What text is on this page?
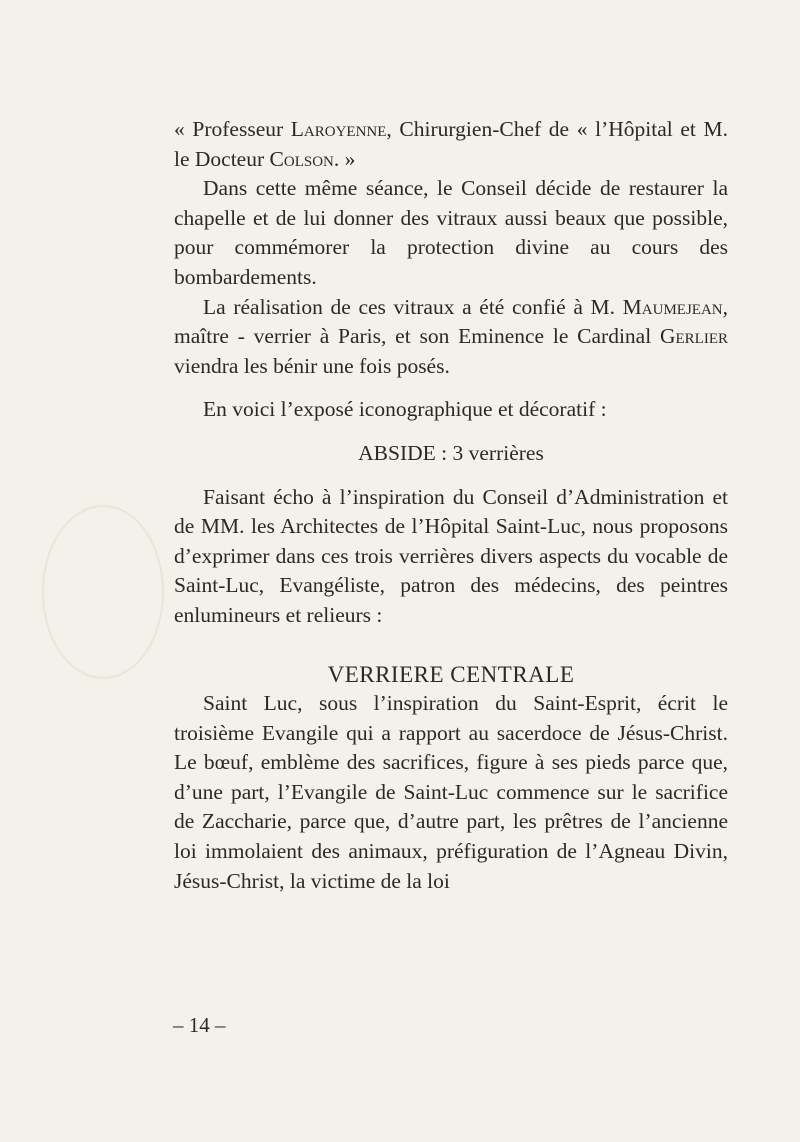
« Professeur Laroyenne, Chirurgien-Chef de « l’Hôpital et M. le Docteur Colson. »

Dans cette même séance, le Conseil décide de restaurer la chapelle et de lui donner des vitraux aussi beaux que possible, pour commémorer la protection divine au cours des bombardements.

La réalisation de ces vitraux a été confié à M. Maumejean, maître - verrier à Paris, et son Eminence le Cardinal Gerlier viendra les bénir une fois posés.

En voici l’exposé iconographique et décoratif :

ABSIDE : 3 verrières

Faisant écho à l’inspiration du Conseil d’Administration et de MM. les Architectes de l’Hôpital Saint-Luc, nous proposons d’exprimer dans ces trois verrières divers aspects du vocable de Saint-Luc, Evangéliste, patron des médecins, des peintres enlumineurs et relieurs :

VERRIERE CENTRALE

Saint Luc, sous l’inspiration du Saint-Esprit, écrit le troisième Evangile qui a rapport au sacerdoce de Jésus-Christ. Le bœuf, emblème des sacrifices, figure à ses pieds parce que, d’une part, l’Evangile de Saint-Luc commence sur le sacrifice de Zaccharie, parce que, d’autre part, les prêtres de l’ancienne loi immolaient des animaux, préfiguration de l’Agneau Divin, Jésus-Christ, la victime de la loi

– 14 –
